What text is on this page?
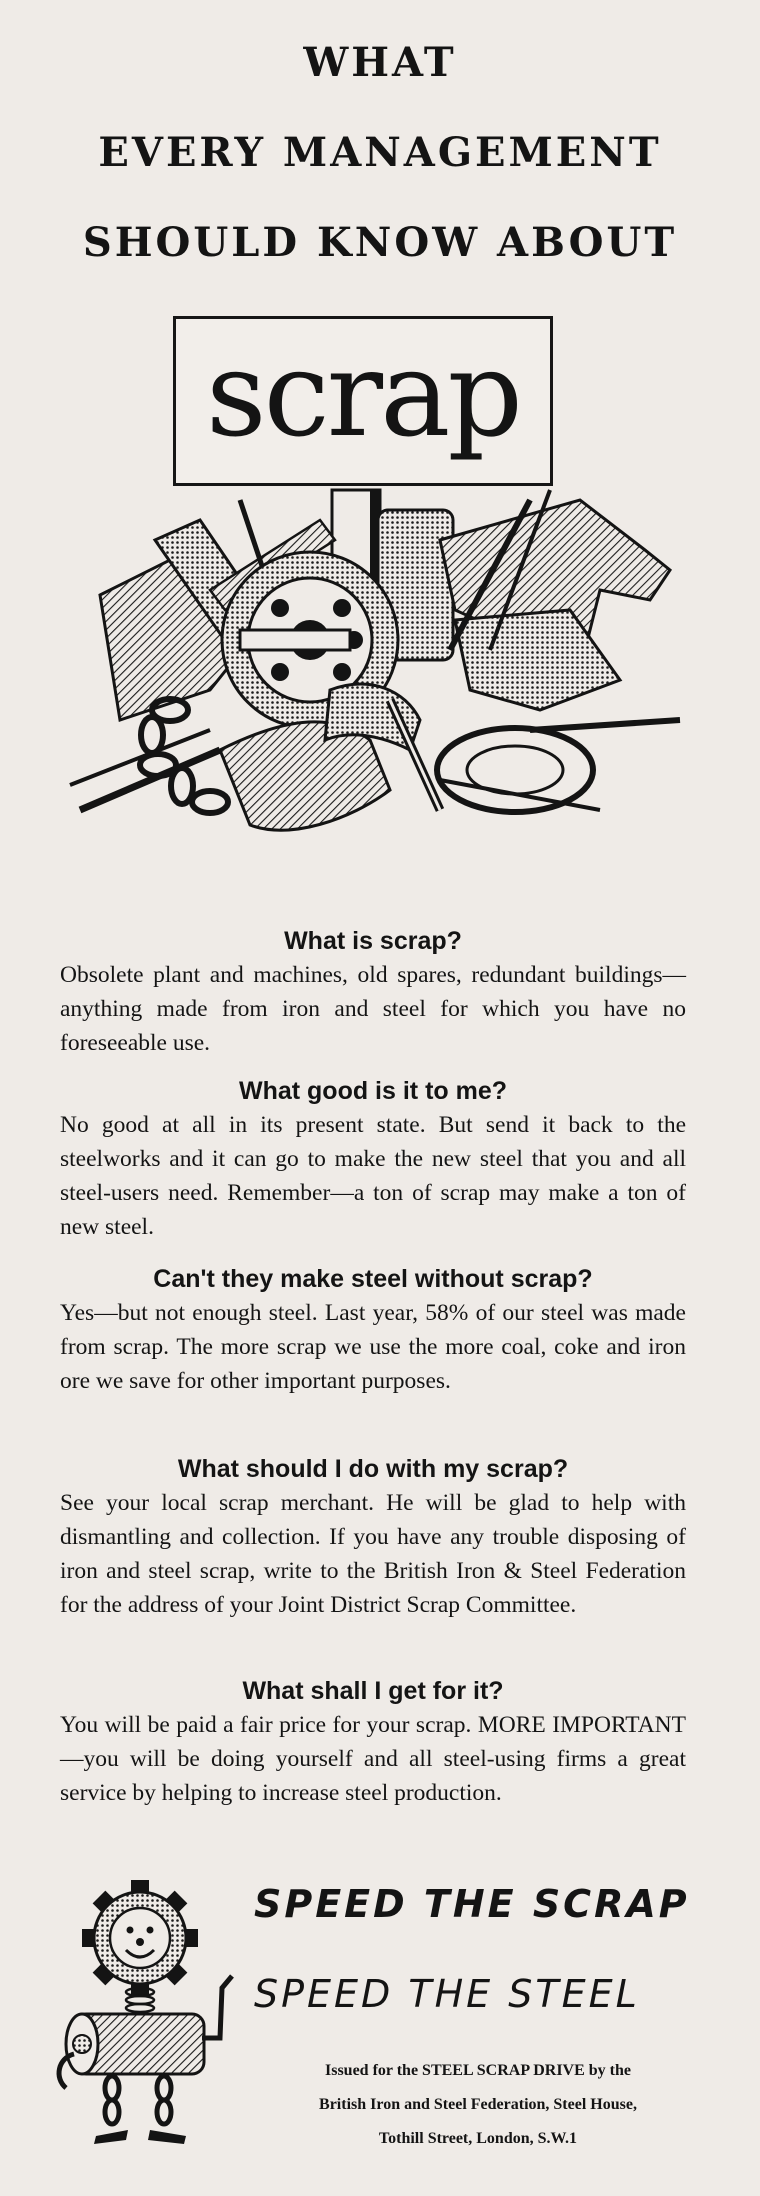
WHAT
EVERY MANAGEMENT
SHOULD KNOW ABOUT
scrap

What is scrap?

Obsolete plant and machines, old spares, redundant buildings—anything made from iron and steel for which you have no foreseeable use.

What good is it to me?

No good at all in its present state. But send it back to the steelworks and it can go to make the new steel that you and all steel-users need. Remember—a ton of scrap may make a ton of new steel.

Can't they make steel without scrap?

Yes—but not enough steel. Last year, 58% of our steel was made from scrap. The more scrap we use the more coal, coke and iron ore we save for other important purposes.

What should I do with my scrap?

See your local scrap merchant. He will be glad to help with dismantling and collection. If you have any trouble disposing of iron and steel scrap, write to the British Iron & Steel Federation for the address of your Joint District Scrap Committee.

What shall I get for it?

You will be paid a fair price for your scrap. MORE IMPORTANT—you will be doing yourself and all steel-using firms a great service by helping to increase steel production.

SPEED THE SCRAP
SPEED THE STEEL
Issued for the STEEL SCRAP DRIVE by the
British Iron and Steel Federation, Steel House,
Tothill Street, London, S.W.1
